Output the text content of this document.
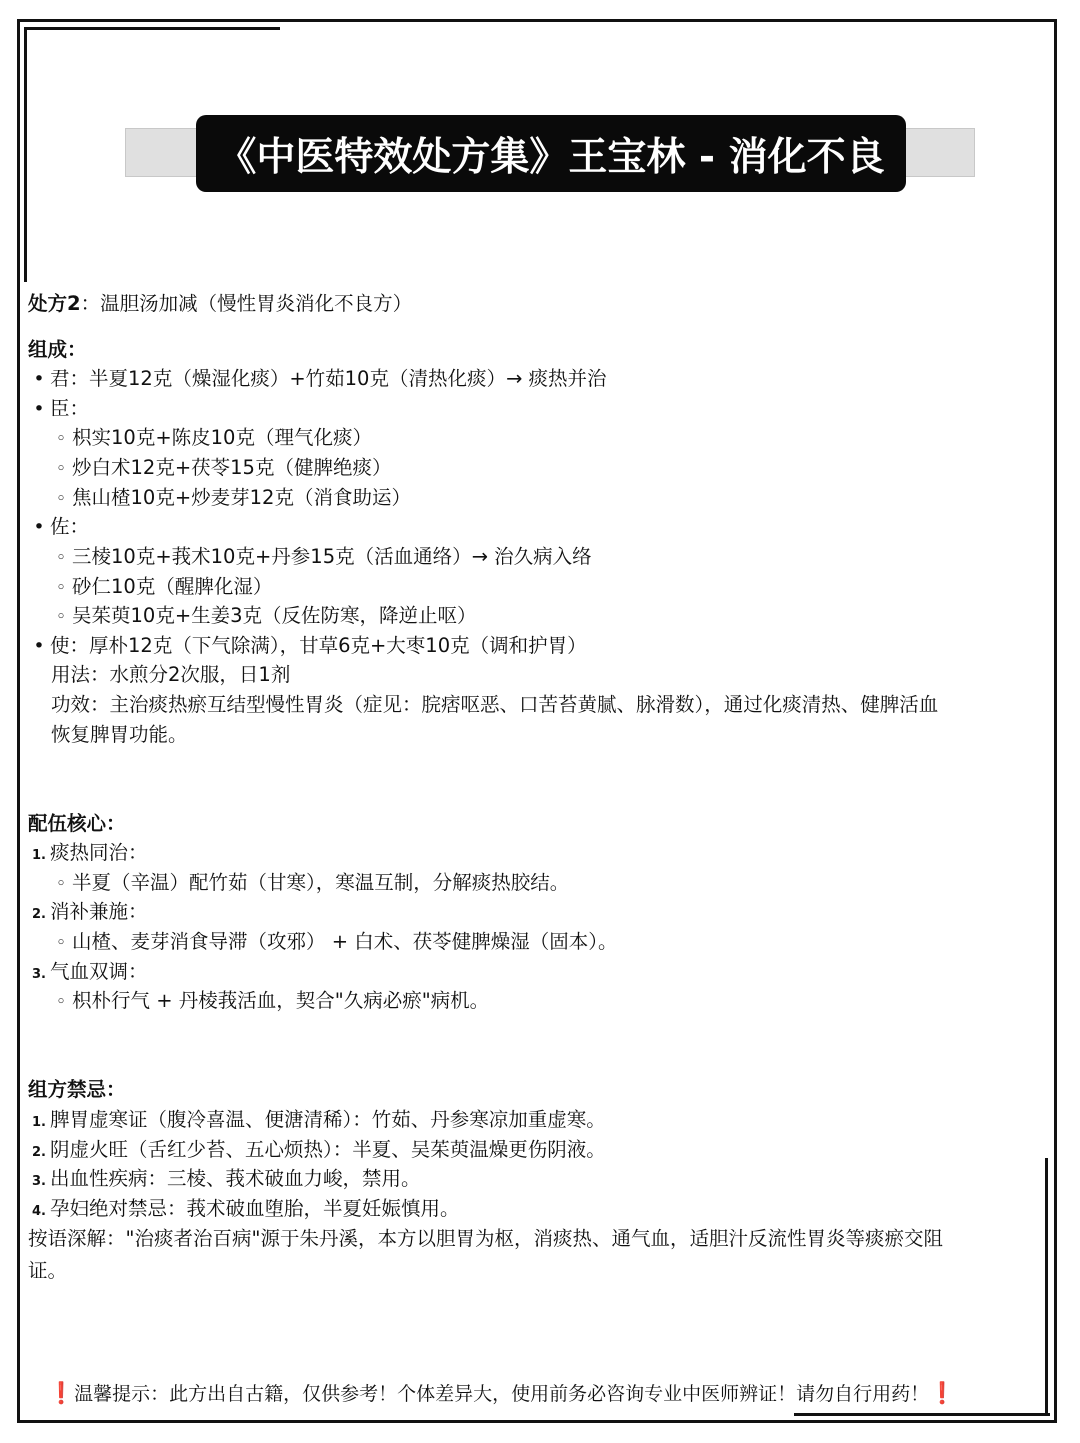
《中医特效处方集》王宝林 - 消化不良
处方2：温胆汤加减（慢性胃炎消化不良方）
组成：
• 君：半夏12克（燥湿化痰）+竹茹10克（清热化痰）→ 痰热并治
• 臣：
◦ 枳实10克+陈皮10克（理气化痰）
◦ 炒白术12克+茯苓15克（健脾绝痰）
◦ 焦山楂10克+炒麦芽12克（消食助运）
• 佐：
◦ 三棱10克+莪术10克+丹参15克（活血通络）→ 治久病入络
◦ 砂仁10克（醒脾化湿）
◦ 吴茱萸10克+生姜3克（反佐防寒，降逆止呕）
• 使：厚朴12克（下气除满），甘草6克+大枣10克（调和护胃）
用法：水煎分2次服，日1剂
功效：主治痰热瘀互结型慢性胃炎（症见：脘痞呕恶、口苦苔黄腻、脉滑数），通过化痰清热、健脾活血
恢复脾胃功能。
配伍核心：
1. 痰热同治：
◦ 半夏（辛温）配竹茹（甘寒），寒温互制，分解痰热胶结。
2. 消补兼施：
◦ 山楂、麦芽消食导滞（攻邪） + 白术、茯苓健脾燥湿（固本）。
3. 气血双调：
◦ 枳朴行气 + 丹棱莪活血，契合"久病必瘀"病机。
组方禁忌：
1. 脾胃虚寒证（腹冷喜温、便溏清稀）：竹茹、丹参寒凉加重虚寒。
2. 阴虚火旺（舌红少苔、五心烦热）：半夏、吴茱萸温燥更伤阴液。
3. 出血性疾病：三棱、莪术破血力峻，禁用。
4. 孕妇绝对禁忌：莪术破血堕胎，半夏妊娠慎用。
按语深解："治痰者治百病"源于朱丹溪，本方以胆胃为枢，消痰热、通气血，适胆汁反流性胃炎等痰瘀交阻
证。
❗温馨提示：此方出自古籍，仅供参考！个体差异大，使用前务必咨询专业中医师辨证！请勿自行用药！❗
